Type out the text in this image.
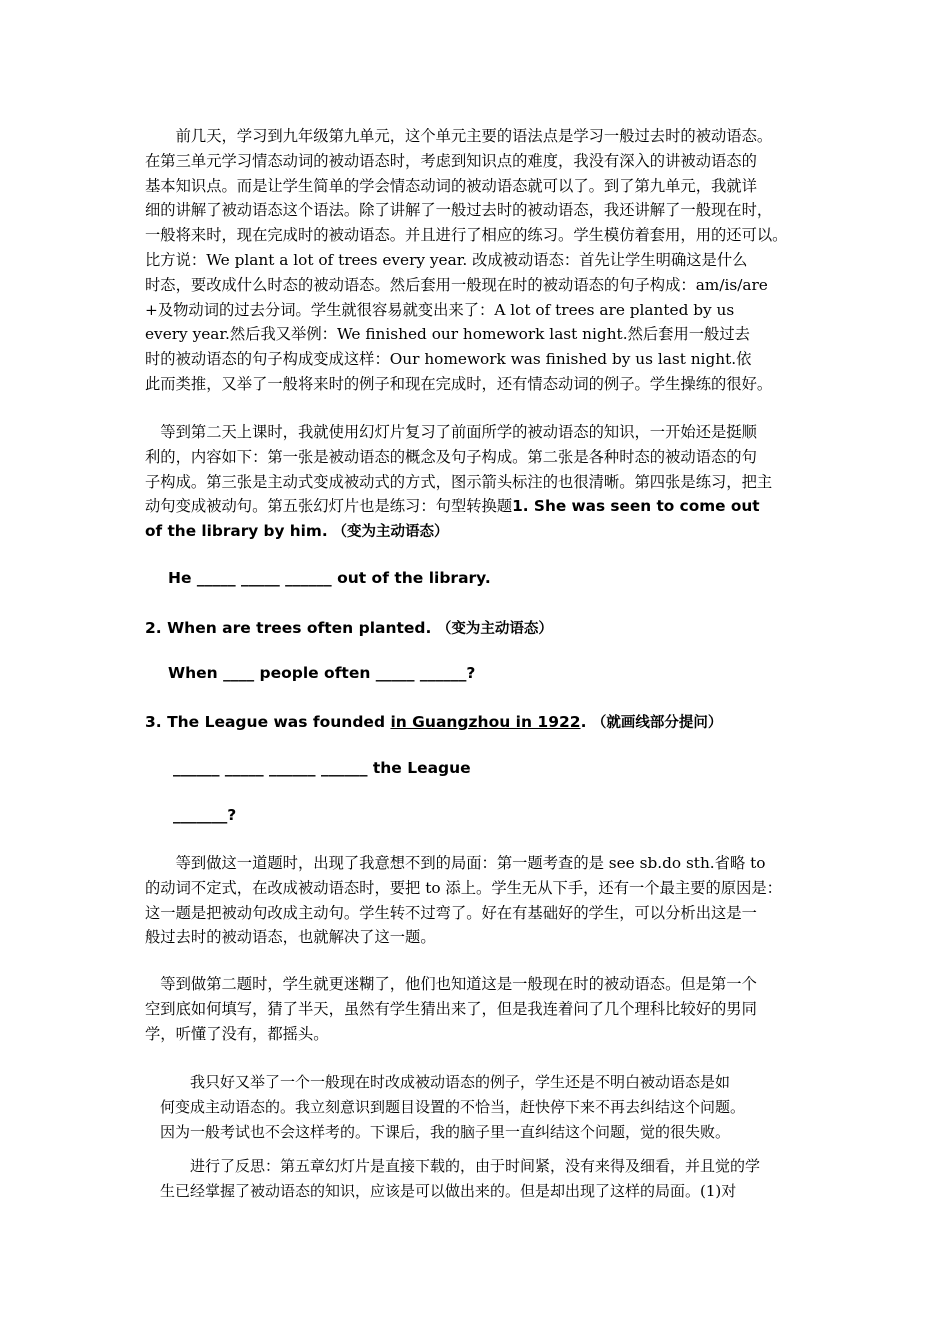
　　前几天，学习到九年级第九单元，这个单元主要的语法点是学习一般过去时的被动语态。
在第三单元学习情态动词的被动语态时，考虑到知识点的难度，我没有深入的讲被动语态的
基本知识点。而是让学生简单的学会情态动词的被动语态就可以了。到了第九单元，我就详
细的讲解了被动语态这个语法。除了讲解了一般过去时的被动语态，我还讲解了一般现在时，
一般将来时，现在完成时的被动语态。并且进行了相应的练习。学生模仿着套用，用的还可以。
比方说：We plant a lot of trees every year. 改成被动语态：首先让学生明确这是什么
时态，要改成什么时态的被动语态。然后套用一般现在时的被动语态的句子构成：am/is/are
+及物动词的过去分词。学生就很容易就变出来了：A lot of trees are planted by us
every year.然后我又举例：We finished our homework last night.然后套用一般过去
时的被动语态的句子构成变成这样：Our homework was finished by us last night.依
此而类推，又举了一般将来时的例子和现在完成时，还有情态动词的例子。学生操练的很好。
　等到第二天上课时，我就使用幻灯片复习了前面所学的被动语态的知识，一开始还是挺顺
利的，内容如下：第一张是被动语态的概念及句子构成。第二张是各种时态的被动语态的句
子构成。第三张是主动式变成被动式的方式，图示箭头标注的也很清晰。第四张是练习，把主
动句变成被动句。第五张幻灯片也是练习：句型转换题1. She was seen to come out
of the library by him. （变为主动语态）
He _____ _____ ______ out of the library.
2. When are trees often planted. （变为主动语态）
When ____ people often _____ ______?
3. The League was founded in Guangzhou in 1922. （就画线部分提问）
______ _____ ______ ______ the League
_______?
　　等到做这一道题时，出现了我意想不到的局面：第一题考查的是 see sb.do sth.省略 to
的动词不定式，在改成被动语态时，要把 to 添上。学生无从下手，还有一个最主要的原因是：
这一题是把被动句改成主动句。学生转不过弯了。好在有基础好的学生，可以分析出这是一
般过去时的被动语态，也就解决了这一题。
　等到做第二题时，学生就更迷糊了，他们也知道这是一般现在时的被动语态。但是第一个
空到底如何填写，猜了半天，虽然有学生猜出来了，但是我连着问了几个理科比较好的男同
学，听懂了没有，都摇头。
　　我只好又举了一个一般现在时改成被动语态的例子，学生还是不明白被动语态是如
何变成主动语态的。我立刻意识到题目设置的不恰当，赶快停下来不再去纠结这个问题。
因为一般考试也不会这样考的。下课后，我的脑子里一直纠结这个问题，觉的很失败。
　　进行了反思：第五章幻灯片是直接下载的，由于时间紧，没有来得及细看，并且觉的学
生已经掌握了被动语态的知识，应该是可以做出来的。但是却出现了这样的局面。(1)对
